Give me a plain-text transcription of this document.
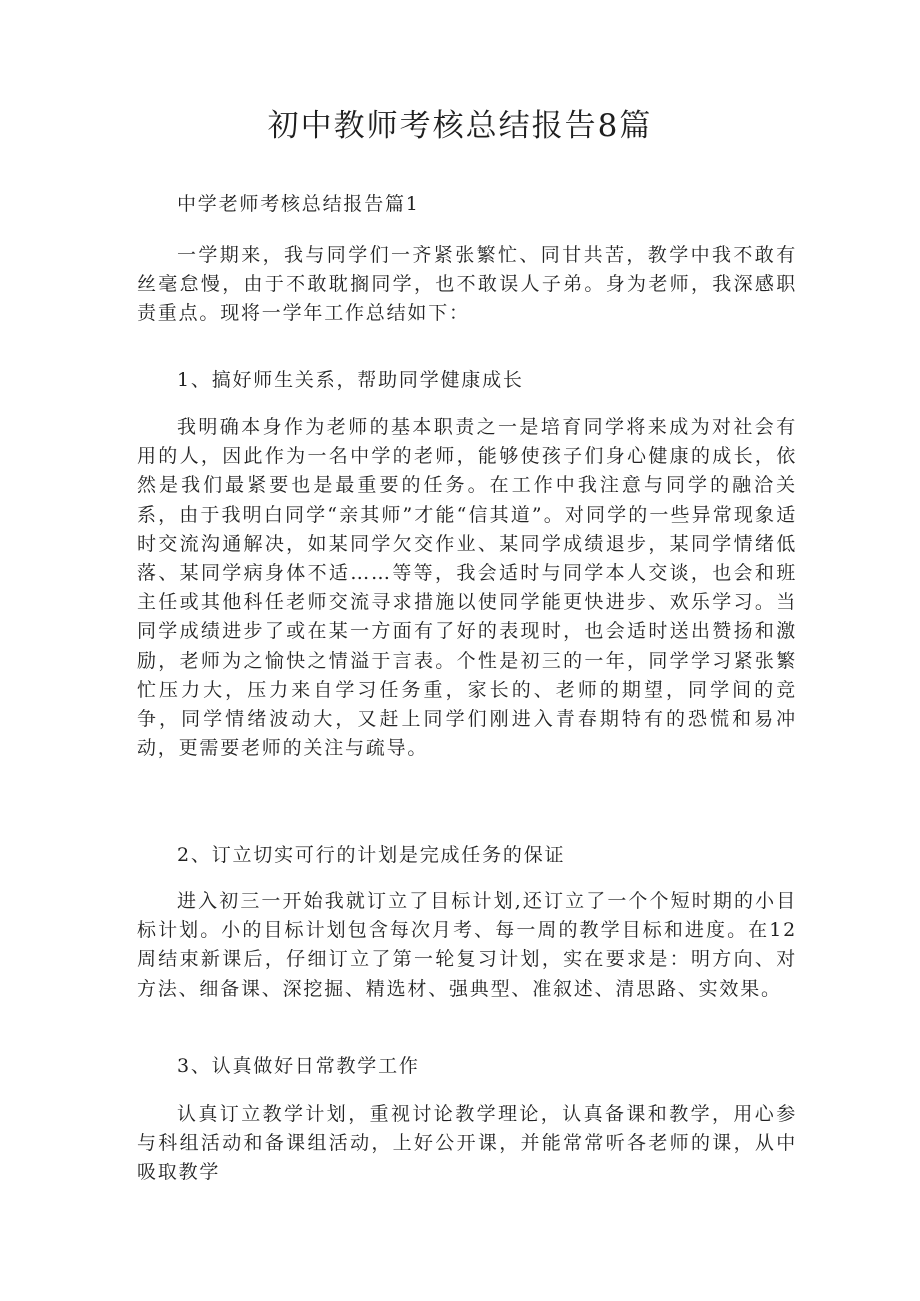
初中教师考核总结报告8篇

中学老师考核总结报告篇1

一学期来，我与同学们一齐紧张繁忙、同甘共苦，教学中我不敢有丝毫怠慢，由于不敢耽搁同学，也不敢误人子弟。身为老师，我深感职责重点。现将一学年工作总结如下：

1、搞好师生关系，帮助同学健康成长

我明确本身作为老师的基本职责之一是培育同学将来成为对社会有用的人，因此作为一名中学的老师，能够使孩子们身心健康的成长，依然是我们最紧要也是最重要的任务。在工作中我注意与同学的融洽关系，由于我明白同学“亲其师”才能“信其道”。对同学的一些异常现象适时交流沟通解决，如某同学欠交作业、某同学成绩退步，某同学情绪低落、某同学病身体不适……等等，我会适时与同学本人交谈，也会和班主任或其他科任老师交流寻求措施以使同学能更快进步、欢乐学习。当同学成绩进步了或在某一方面有了好的表现时，也会适时送出赞扬和激励，老师为之愉快之情溢于言表。个性是初三的一年，同学学习紧张繁忙压力大，压力来自学习任务重，家长的、老师的期望，同学间的竞争，同学情绪波动大，又赶上同学们刚进入青春期特有的恐慌和易冲动，更需要老师的关注与疏导。

2、订立切实可行的计划是完成任务的保证

进入初三一开始我就订立了目标计划,还订立了一个个短时期的小目标计划。小的目标计划包含每次月考、每一周的教学目标和进度。在12周结束新课后，仔细订立了第一轮复习计划，实在要求是：明方向、对方法、细备课、深挖掘、精选材、强典型、准叙述、清思路、实效果。

3、认真做好日常教学工作

认真订立教学计划，重视讨论教学理论，认真备课和教学，用心参与科组活动和备课组活动，上好公开课，并能常常听各老师的课，从中吸取教学
